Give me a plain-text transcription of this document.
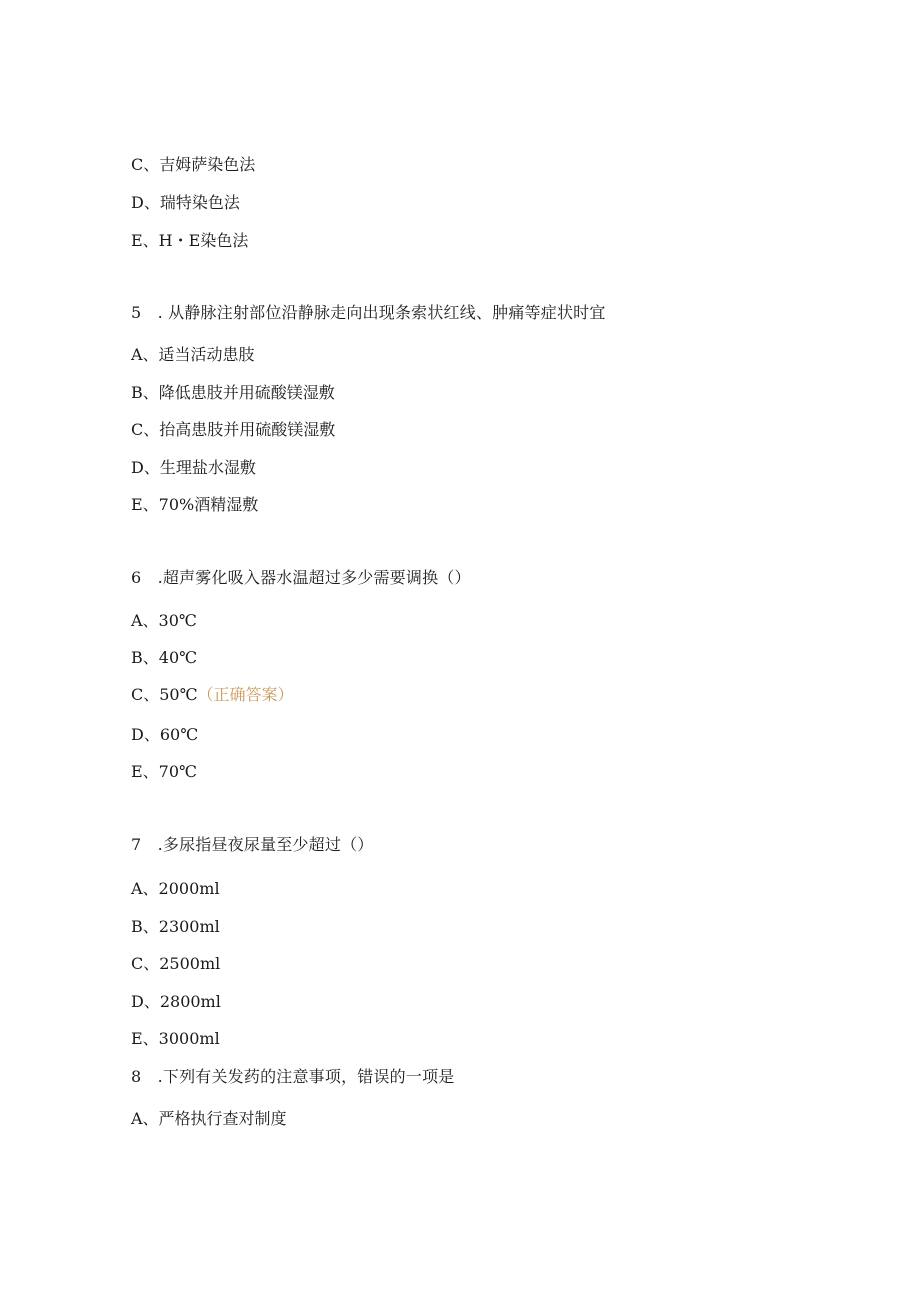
C、吉姆萨染色法
D、瑞特染色法
E、H・E染色法
5　. 从静脉注射部位沿静脉走向出现条索状红线、肿痛等症状时宜
A、适当活动患肢
B、降低患肢并用硫酸镁湿敷
C、抬高患肢并用硫酸镁湿敷
D、生理盐水湿敷
E、70%酒精湿敷
6　.超声雾化吸入器水温超过多少需要调换（）
A、30℃
B、40℃
C、50℃（正确答案）
D、60℃
E、70℃
7　.多尿指昼夜尿量至少超过（）
A、2000ml
B、2300ml
C、2500ml
D、2800ml
E、3000ml
8　.下列有关发药的注意事项，错误的一项是
A、严格执行查对制度
